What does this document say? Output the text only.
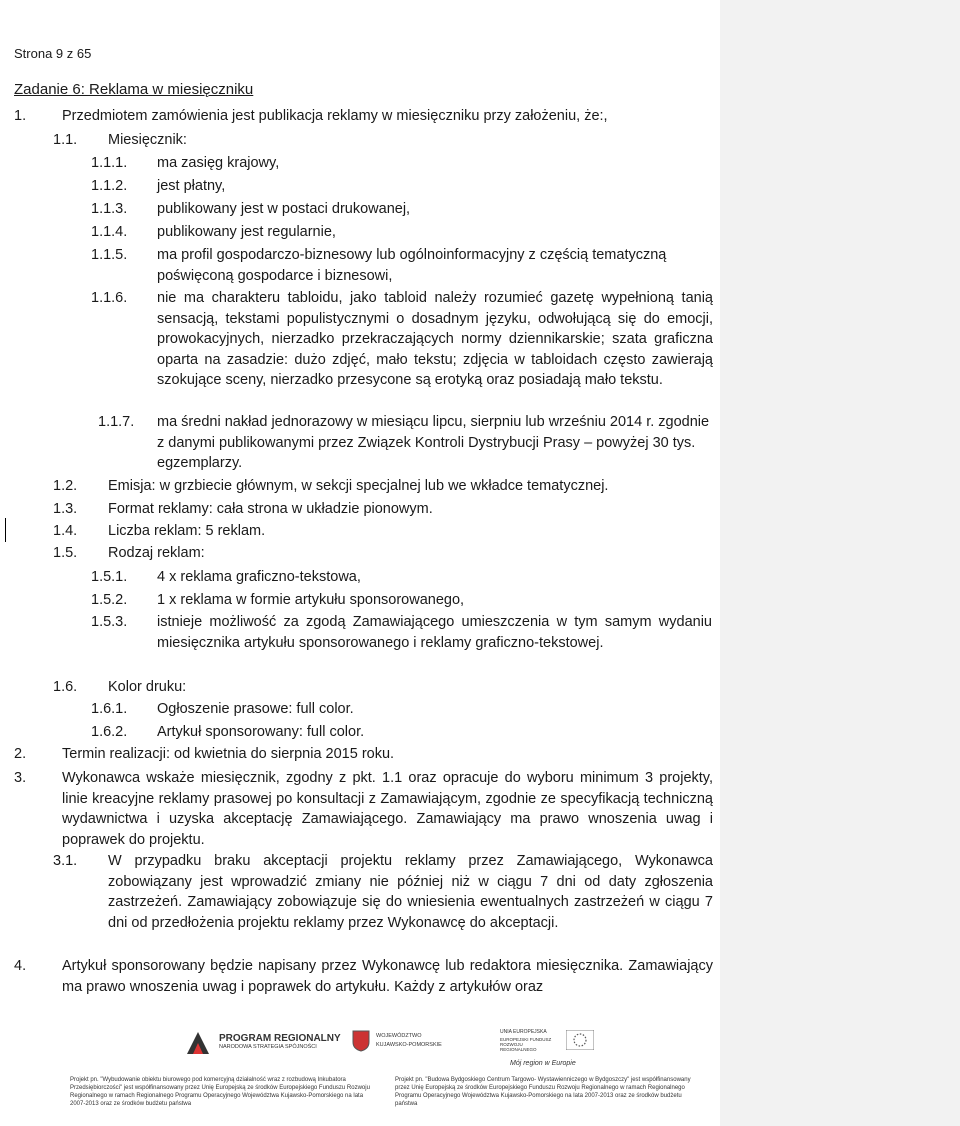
Strona 9 z 65
Zadanie 6: Reklama w miesięczniku
1. Przedmiotem zamówienia jest publikacja reklamy w miesięczniku przy założeniu, że:,
1.1. Miesięcznik:
1.1.1. ma zasięg krajowy,
1.1.2. jest płatny,
1.1.3. publikowany jest w postaci drukowanej,
1.1.4. publikowany jest regularnie,
1.1.5. ma profil gospodarczo-biznesowy lub ogólnoinformacyjny z częścią tematyczną poświęconą gospodarce i biznesowi,
1.1.6. nie ma charakteru tabloidu, jako tabloid należy rozumieć gazetę wypełnioną tanią sensacją, tekstami populistycznymi o dosadnym języku, odwołującą się do emocji, prowokacyjnych, nierzadko przekraczających normy dziennikarskie; szata graficzna oparta na zasadzie: dużo zdjęć, mało tekstu; zdjęcia w tabloidach często zawierają szokujące sceny, nierzadko przesycone są erotyką oraz posiadają mało tekstu.
1.1.7. ma średni nakład jednorazowy w miesiącu lipcu, sierpniu lub wrześniu 2014 r. zgodnie z danymi publikowanymi przez Związek Kontroli Dystrybucji Prasy – powyżej 30 tys. egzemplarzy.
1.2. Emisja: w grzbiecie głównym, w sekcji specjalnej lub we wkładce tematycznej.
1.3. Format reklamy: cała strona w układzie pionowym.
1.4. Liczba reklam: 5 reklam.
1.5. Rodzaj reklam:
1.5.1. 4 x reklama graficzno-tekstowa,
1.5.2. 1 x reklama w formie artykułu sponsorowanego,
1.5.3. istnieje możliwość za zgodą Zamawiającego umieszczenia w tym samym wydaniu miesięcznika artykułu sponsorowanego i reklamy graficzno-tekstowej.
1.6. Kolor druku:
1.6.1. Ogłoszenie prasowe: full color.
1.6.2. Artykuł sponsorowany: full color.
2. Termin realizacji: od kwietnia do sierpnia 2015 roku.
3. Wykonawca wskaże miesięcznik, zgodny z pkt. 1.1 oraz opracuje do wyboru minimum 3 projekty, linie kreacyjne reklamy prasowej po konsultacji z Zamawiającym, zgodnie ze specyfikacją techniczną wydawnictwa i uzyska akceptację Zamawiającego. Zamawiający ma prawo wnoszenia uwag i poprawek do projektu.
3.1. W przypadku braku akceptacji projektu reklamy przez Zamawiającego, Wykonawca zobowiązany jest wprowadzić zmiany nie później niż w ciągu 7 dni od daty zgłoszenia zastrzeżeń. Zamawiający zobowiązuje się do wniesienia ewentualnych zastrzeżeń w ciągu 7 dni od przedłożenia projektu reklamy przez Wykonawcę do akceptacji.
4. Artykuł sponsorowany będzie napisany przez Wykonawcę lub redaktora miesięcznika. Zamawiający ma prawo wnoszenia uwag i poprawek do artykułu. Każdy z artykułów oraz
PROGRAM REGIONALNY
NARODOWA STRATEGIA SPÓJNOŚCI
WOJEWÓDZTWO KUJAWSKO-POMORSKIE
UNIA EUROPEJSKA
EUROPEJSKI FUNDUSZ ROZWOJU REGIONALNEGO
Mój region w Europie
Projekt pn. "Wybudowanie obiektu biurowego pod komercyjną działalność wraz z rozbudową Inkubatora Przedsiębiorczości" jest współfinansowany przez Unię Europejską ze środków Europejskiego Funduszu Rozwoju Regionalnego w ramach Regionalnego Programu Operacyjnego Województwa Kujawsko-Pomorskiego na lata 2007-2013 oraz ze środków budżetu państwa
Projekt pn. "Budowa Bydgoskiego Centrum Targowo- Wystawienniczego w Bydgoszczy" jest współfinansowany przez Unię Europejską ze środków Europejskiego Funduszu Rozwoju Regionalnego w ramach Regionalnego Programu Operacyjnego Województwa Kujawsko-Pomorskiego na lata 2007-2013 oraz ze środków budżetu państwa
